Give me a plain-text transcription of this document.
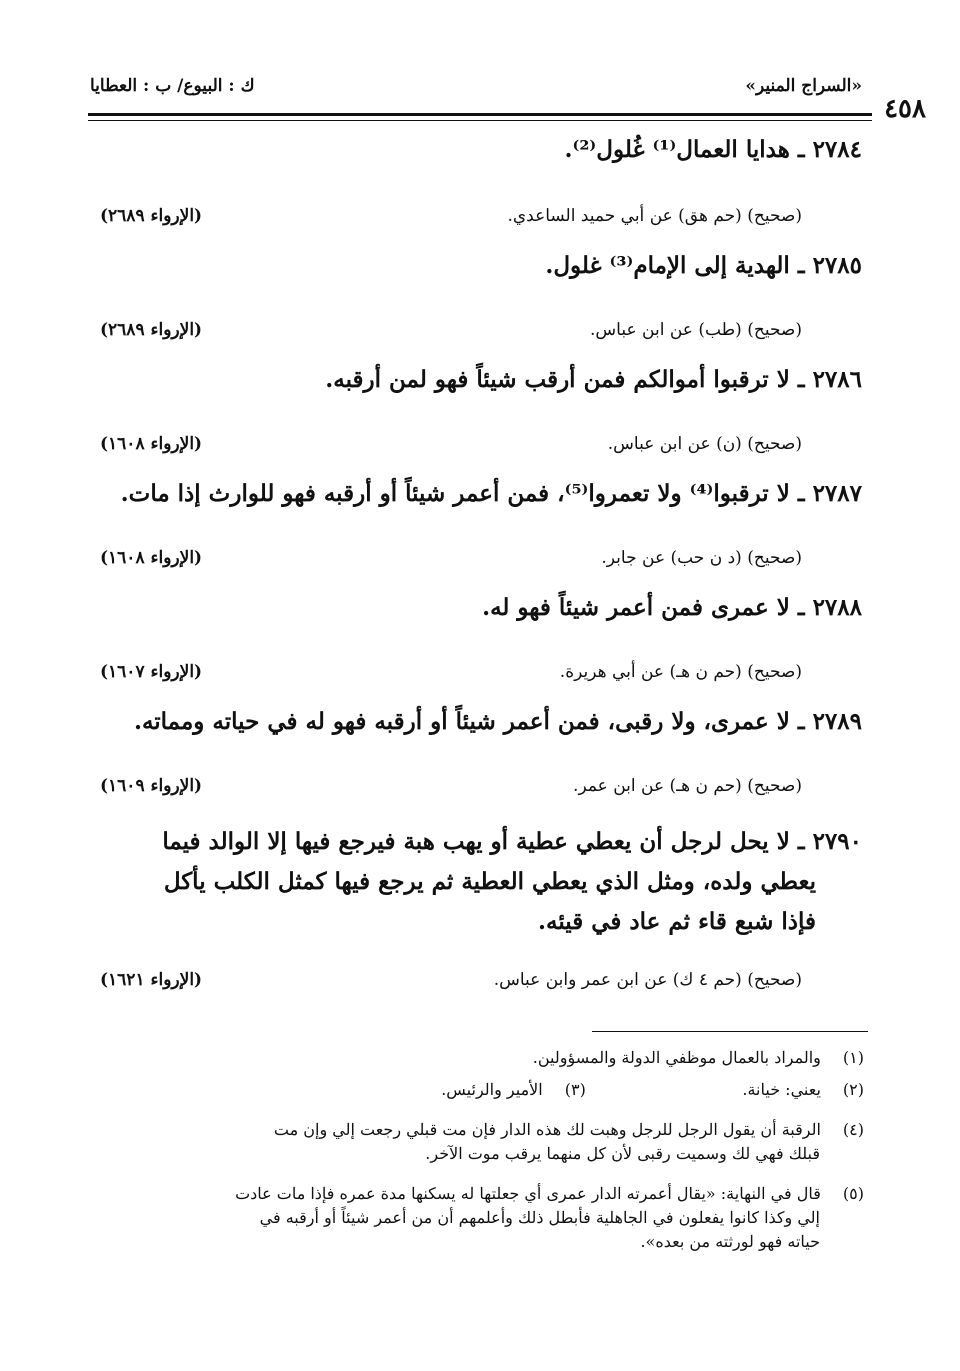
«السراج المنير»
ك : البيوع/ ب : العطايا
٤٥٨
٢٧٨٤ ـ هدايا العمال⁽¹⁾ غُلول⁽²⁾.
(صحيح) (حم هق) عن أبي حميد الساعدي.
(الإرواء ٢٦٨٩)
٢٧٨٥ ـ الهدية إلى الإمام⁽³⁾ غلول.
(صحيح) (طب) عن ابن عباس.
(الإرواء ٢٦٨٩)
٢٧٨٦ ـ لا ترقبوا أموالكم فمن أرقب شيئاً فهو لمن أرقبه.
(صحيح) (ن) عن ابن عباس.
(الإرواء ١٦٠٨)
٢٧٨٧ ـ لا ترقبوا⁽⁴⁾ ولا تعمروا⁽⁵⁾، فمن أعمر شيئاً أو أرقبه فهو للوارث إذا مات.
(صحيح) (د ن حب) عن جابر.
(الإرواء ١٦٠٨)
٢٧٨٨ ـ لا عمرى فمن أعمر شيئاً فهو له.
(صحيح) (حم ن هـ) عن أبي هريرة.
(الإرواء ١٦٠٧)
٢٧٨٩ ـ لا عمرى، ولا رقبى، فمن أعمر شيئاً أو أرقبه فهو له في حياته ومماته.
(صحيح) (حم ن هـ) عن ابن عمر.
(الإرواء ١٦٠٩)
٢٧٩٠ ـ لا يحل لرجل أن يعطي عطية أو يهب هبة فيرجع فيها إلا الوالد فيما
يعطي ولده، ومثل الذي يعطي العطية ثم يرجع فيها كمثل الكلب يأكل
فإذا شبع قاء ثم عاد في قيئه.
(صحيح) (حم ٤ ك) عن ابن عمر وابن عباس.
(الإرواء ١٦٢١)
(١) والمراد بالعمال موظفي الدولة والمسؤولين.
(٢) يعني: خيانة. (٣) الأمير والرئيس.
(٤) الرقبة أن يقول الرجل للرجل وهبت لك هذه الدار فإن مت قبلي رجعت إلي وإن مت
قبلك فهي لك وسميت رقبى لأن كل منهما يرقب موت الآخر.
(٥) قال في النهاية: «يقال أعمرته الدار عمرى أي جعلتها له يسكنها مدة عمره فإذا مات عادت
إلي وكذا كانوا يفعلون في الجاهلية فأبطل ذلك وأعلمهم أن من أعمر شيئاً أو أرقبه في
حياته فهو لورثته من بعده».
